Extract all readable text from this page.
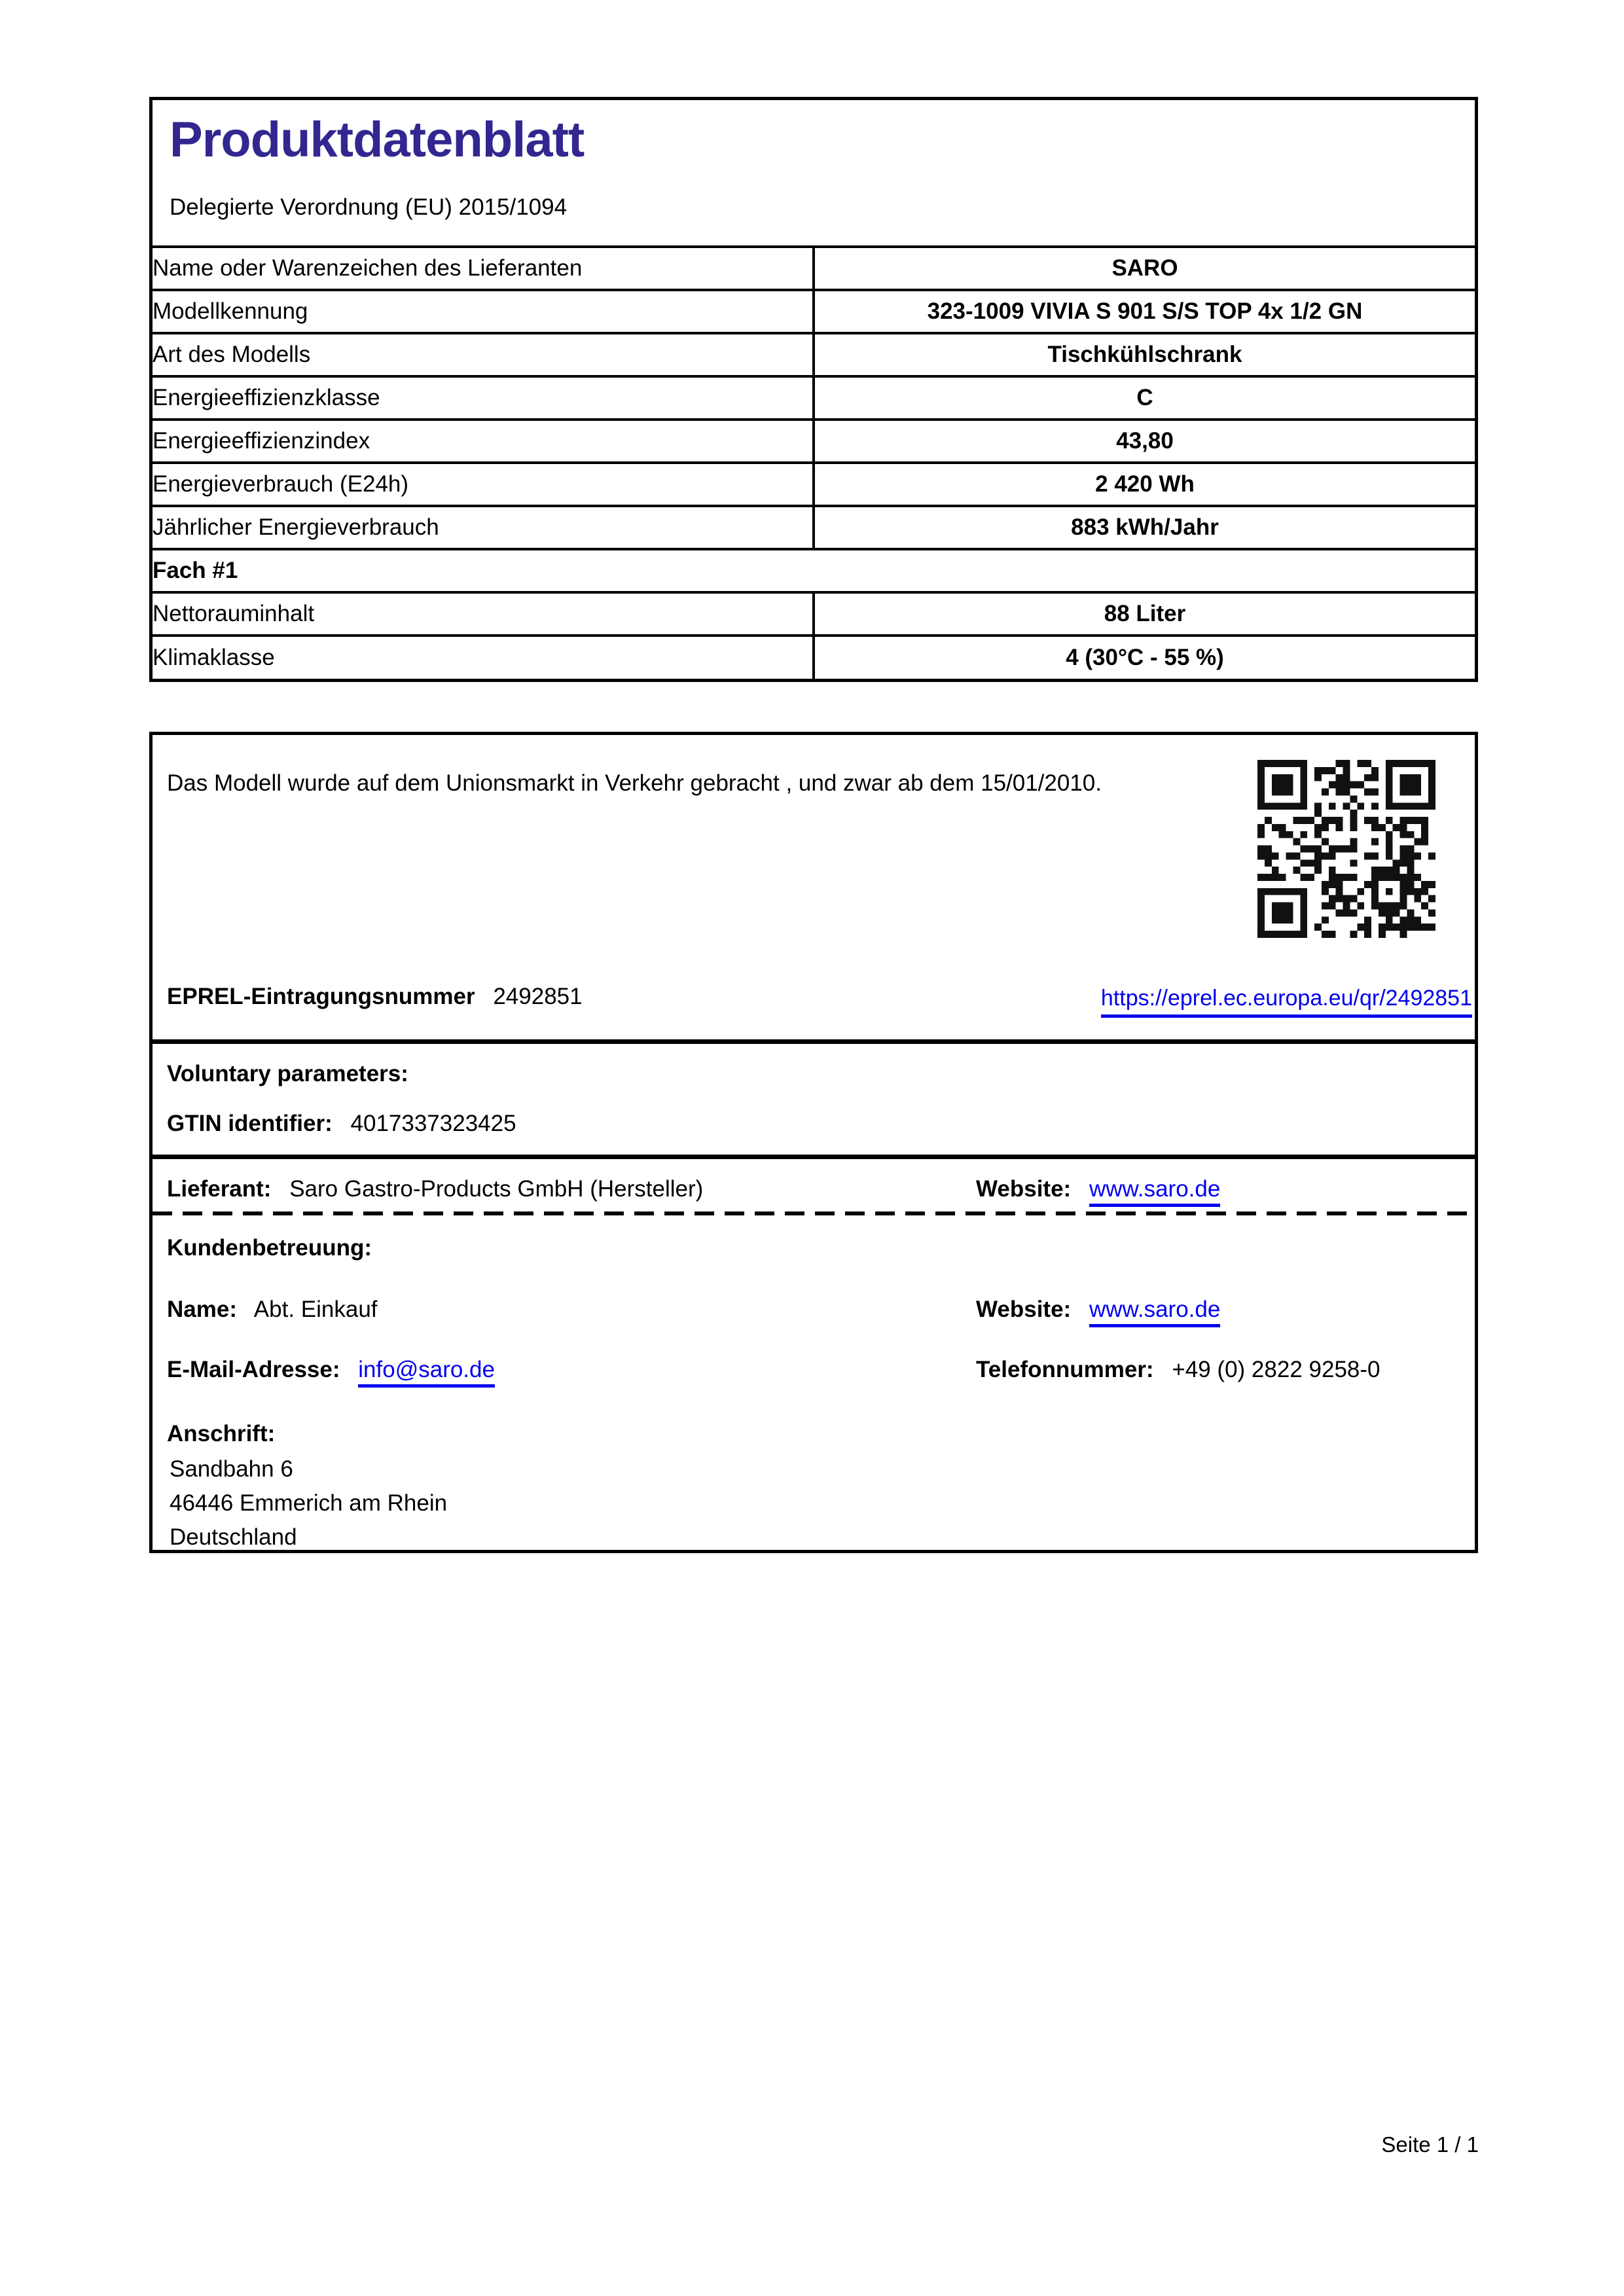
Produktdatenblatt
Delegierte Verordnung (EU) 2015/1094
Name oder Warenzeichen des Lieferanten	SARO
Modellkennung	323-1009 VIVIA S 901 S/S TOP 4x 1/2 GN
Art des Modells	Tischkühlschrank
Energieeffizienzklasse	C
Energieeffizienzindex	43,80
Energieverbrauch (E24h)	2 420 Wh
Jährlicher Energieverbrauch	883 kWh/Jahr
Fach #1	
Nettorauminhalt	88 Liter
Klimaklasse	4 (30°C - 55 %)
Das Modell wurde auf dem Unionsmarkt in Verkehr gebracht , und zwar ab dem 15/01/2010.
EPREL-Eintragungsnummer 2492851	https://eprel.ec.europa.eu/qr/2492851
Voluntary parameters:
GTIN identifier: 4017337323425
Lieferant: Saro Gastro-Products GmbH (Hersteller)	Website: www.saro.de
Kundenbetreuung:
Name: Abt. Einkauf	Website: www.saro.de
E-Mail-Adresse: info@saro.de	Telefonnummer: +49 (0) 2822 9258-0
Anschrift:
Sandbahn 6
46446 Emmerich am Rhein
Deutschland
Seite 1 / 1
